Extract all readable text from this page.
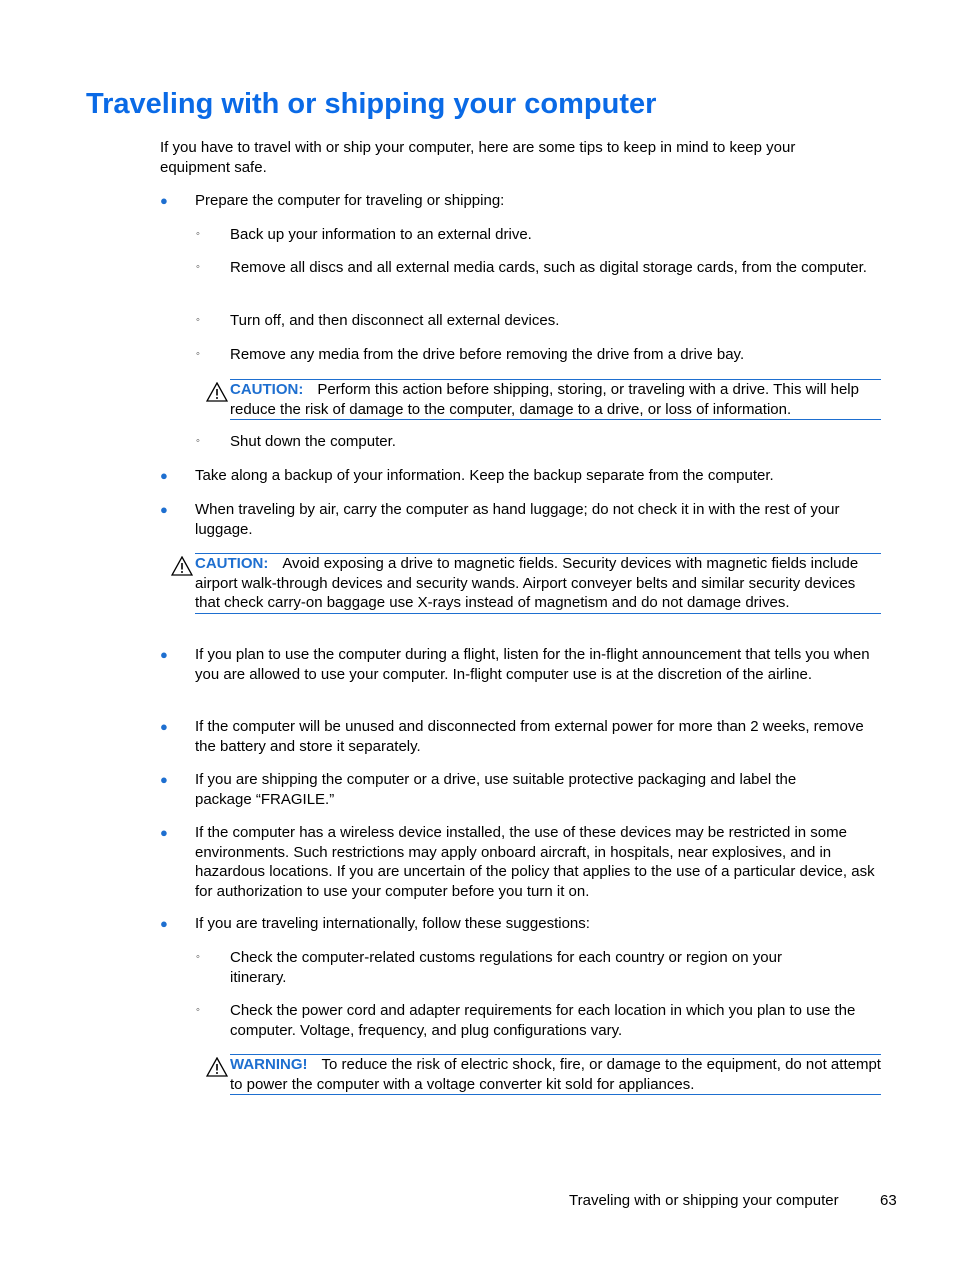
Traveling with or shipping your computer

If you have to travel with or ship your computer, here are some tips to keep in mind to keep your equipment safe.

● Prepare the computer for traveling or shipping:

◦ Back up your information to an external drive.

◦ Remove all discs and all external media cards, such as digital storage cards, from the computer.

◦ Turn off, and then disconnect all external devices.

◦ Remove any media from the drive before removing the drive from a drive bay.

CAUTION: Perform this action before shipping, storing, or traveling with a drive. This will help reduce the risk of damage to the computer, damage to a drive, or loss of information.
◦ Shut down the computer.

● Take along a backup of your information. Keep the backup separate from the computer.

● When traveling by air, carry the computer as hand luggage; do not check it in with the rest of your luggage.

CAUTION: Avoid exposing a drive to magnetic fields. Security devices with magnetic fields include airport walk-through devices and security wands. Airport conveyer belts and similar security devices that check carry-on baggage use X-rays instead of magnetism and do not damage drives.
● If you plan to use the computer during a flight, listen for the in-flight announcement that tells you when you are allowed to use your computer. In-flight computer use is at the discretion of the airline.

● If the computer will be unused and disconnected from external power for more than 2 weeks, remove the battery and store it separately.

● If you are shipping the computer or a drive, use suitable protective packaging and label the package “FRAGILE.”

● If the computer has a wireless device installed, the use of these devices may be restricted in some environments. Such restrictions may apply onboard aircraft, in hospitals, near explosives, and in hazardous locations. If you are uncertain of the policy that applies to the use of a particular device, ask for authorization to use your computer before you turn it on.

● If you are traveling internationally, follow these suggestions:

◦ Check the computer-related customs regulations for each country or region on your itinerary.

◦ Check the power cord and adapter requirements for each location in which you plan to use the computer. Voltage, frequency, and plug configurations vary.

WARNING! To reduce the risk of electric shock, fire, or damage to the equipment, do not attempt to power the computer with a voltage converter kit sold for appliances.
Traveling with or shipping your computer	63
